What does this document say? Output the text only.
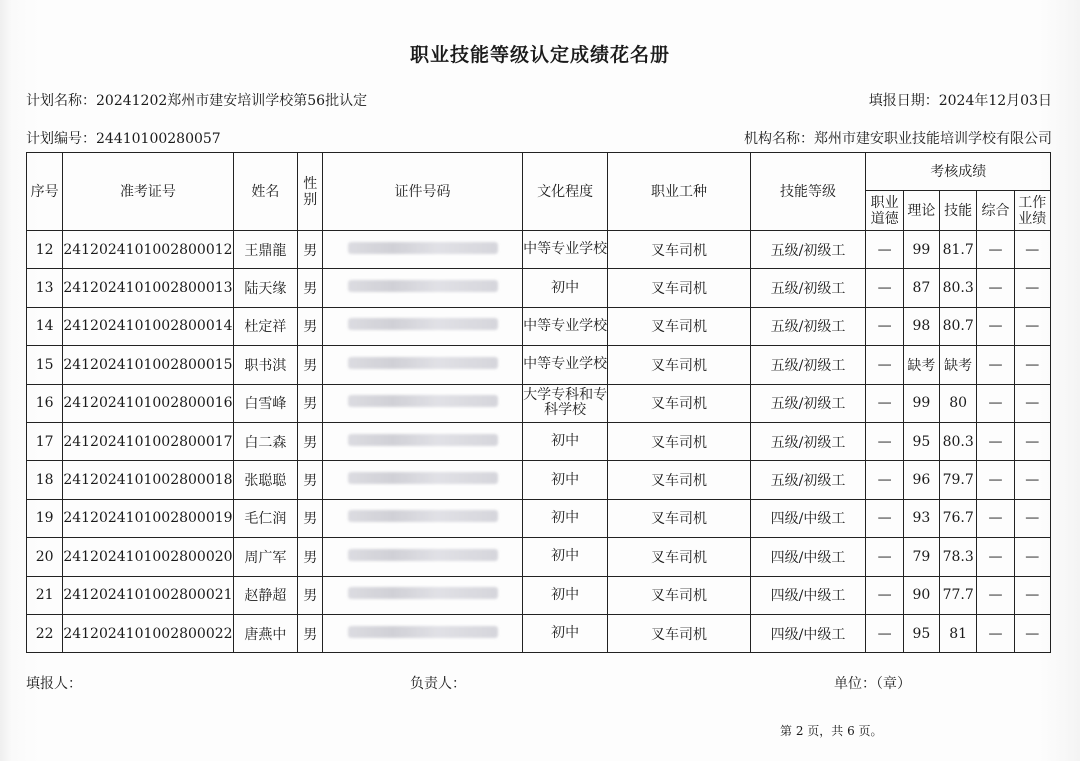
职业技能等级认定成绩花名册
计划名称：20241202郑州市建安培训学校第56批认定	填报日期：2024年12月03日
计划编号：24410100280057	机构名称：郑州市建安职业技能培训学校有限公司
序号	准考证号	姓名	性别	证件号码	文化程度	职业工种	技能等级	考核成绩				
								职业道德	理论	技能	综合	工作业绩
12	241202410100280001​2	王鼎龍	男		中等专业学校	叉车司机	五级/初级工	—	99	81.7	—	—
13	2412024101002800013	陆天缘	男		初中	叉车司机	五级/初级工	—	87	80.3	—	—
14	2412024101002800014	杜定祥	男		中等专业学校	叉车司机	五级/初级工	—	98	80.7	—	—
15	2412024101002800015	职书淇	男		中等专业学校	叉车司机	五级/初级工	—	缺考	缺考	—	—
16	2412024101002800016	白雪峰	男		大学专科和专科学校	叉车司机	五级/初级工	—	99	80	—	—
17	2412024101002800017	白二森	男		初中	叉车司机	五级/初级工	—	95	80.3	—	—
18	2412024101002800018	张聪聪	男		初中	叉车司机	五级/初级工	—	96	79.7	—	—
19	2412024101002800019	毛仁润	男		初中	叉车司机	四级/中级工	—	93	76.7	—	—
20	2412024101002800020	周广军	男		初中	叉车司机	四级/中级工	—	79	78.3	—	—
21	2412024101002800021	赵静超	男		初中	叉车司机	四级/中级工	—	90	77.7	—	—
22	2412024101002800022	唐燕中	男		初中	叉车司机	四级/中级工	—	95	81	—	—
填报人：	负责人：	单位：（章）
第 2 页，共 6 页。
